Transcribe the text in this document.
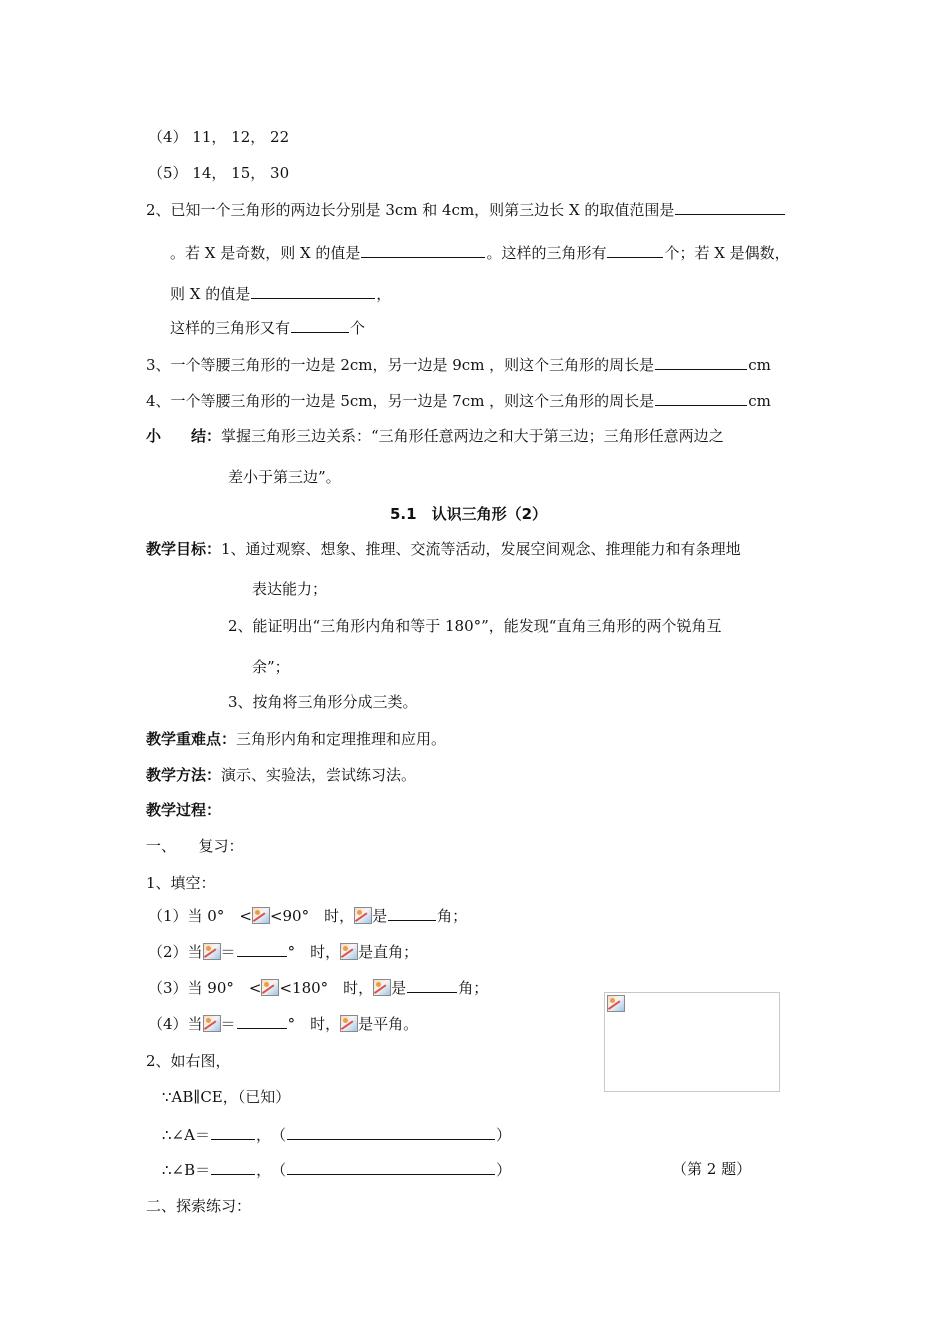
（4） 11， 12， 22
（5） 14， 15， 30
2、已知一个三角形的两边长分别是 3cm 和 4cm，则第三边长 X 的取值范围是
。若 X 是奇数，则 X 的值是	。这样的三角形有	个；若 X 是偶数，
则 X 的值是	，
这样的三角形又有	个
3、一个等腰三角形的一边是 2cm，另一边是 9cm ，则这个三角形的周长是	cm
4、一个等腰三角形的一边是 5cm，另一边是 7cm ，则这个三角形的周长是	cm
小　　结：掌握三角形三边关系：“三角形任意两边之和大于第三边；三角形任意两边之
差小于第三边”。
5.1　认识三角形（2）
教学目标：1、通过观察、想象、推理、交流等活动，发展空间观念、推理能力和有条理地
表达能力；
2、能证明出“三角形内角和等于 180°”，能发现“直角三角形的两个锐角互
余”；
3、按角将三角形分成三类。
教学重难点：三角形内角和定理推理和应用。
教学方法：演示、实验法，尝试练习法。
教学过程：
一、　　复习：
1、填空：
（1）当 0°　< <90°　时， 是	角；
（2）当 ＝	°　时， 是直角；
（3）当 90°　< <180°　时， 是	角；
（4）当 ＝	°　时， 是平角。
2、如右图，
∵AB∥CE，（已知）
∴∠A＝	，　（	）
∴∠B＝	，　（	）	（第 2 题）
二、探索练习：
